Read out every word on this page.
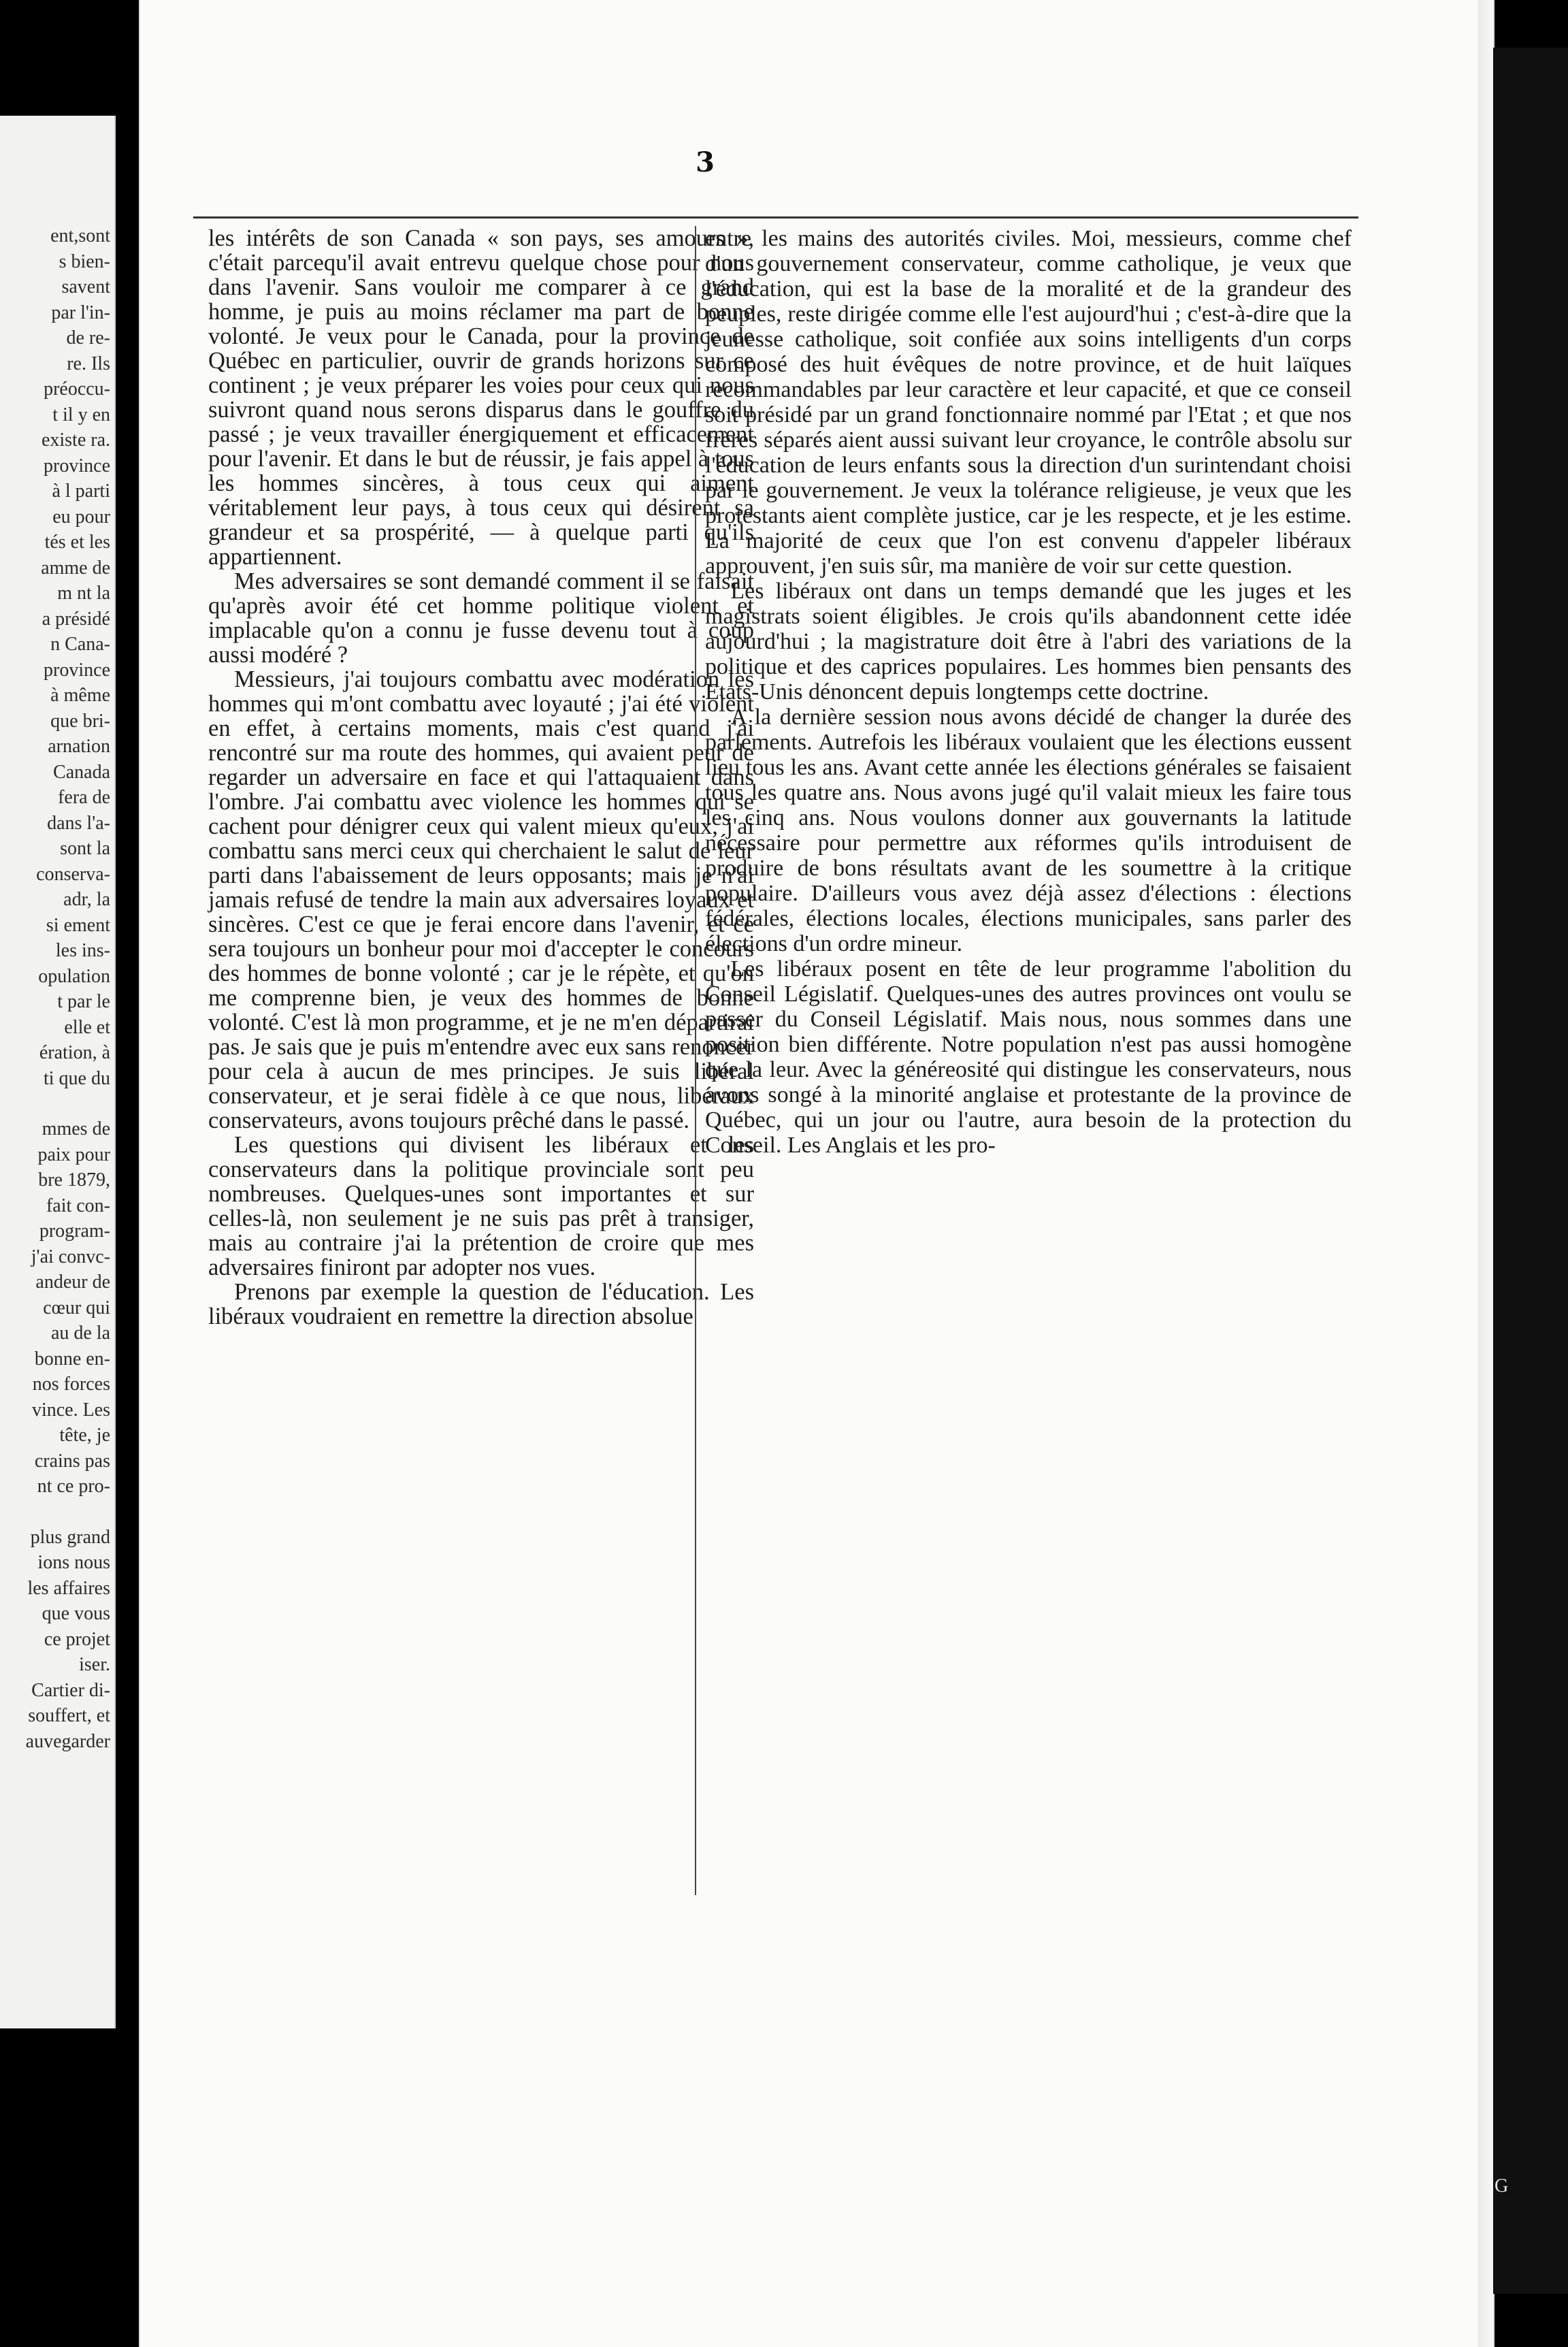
ent,sont
s bien-
savent
par l'in-
de re-
re. Ils
préoccu-
t il y en
existe ra.
province
à l parti
eu pour
tés et les
amme de
m nt la
a présidé
n Cana-
province
à même
que bri-
arnation
Canada
fera de
dans l'a-
sont la
conserva-
adr, la
si ement
les ins-
opulation
t par le
elle et
ération, à
ti que du
mmes de
paix pour
bre 1879,
fait con-
program-
j'ai convc-
andeur de
cœur qui
au de la
bonne en-
nos forces
vince. Les
tête, je
crains pas
nt ce pro-
plus grand
ions nous
les affaires
que vous
ce projet
iser.
Cartier di-
souffert, et
auvegarder
3

les intérêts de son Canada « son pays, ses amours », c'était parcequ'il avait entrevu quelque chose pour nous dans l'avenir. Sans vouloir me comparer à ce grand homme, je puis au moins réclamer ma part de bonne volonté. Je veux pour le Canada, pour la province de Québec en particulier, ouvrir de grands horizons sur ce continent ; je veux préparer les voies pour ceux qui nous suivront quand nous serons disparus dans le gouffre du passé ; je veux travailler énergiquement et efficacement pour l'avenir. Et dans le but de réussir, je fais appel à tous les hommes sincères, à tous ceux qui aiment véritablement leur pays, à tous ceux qui désirent sa grandeur et sa prospérité, — à quelque parti qu'ils appartiennent.

Mes adversaires se sont demandé comment il se faisait qu'après avoir été cet homme politique violent et implacable qu'on a connu je fusse devenu tout à coup aussi modéré ?

Messieurs, j'ai toujours combattu avec modération les hommes qui m'ont combattu avec loyauté ; j'ai été violent en effet, à certains moments, mais c'est quand j'ai rencontré sur ma route des hommes, qui avaient peur de regarder un adversaire en face et qui l'attaquaient dans l'ombre. J'ai combattu avec violence les hommes qui se cachent pour dénigrer ceux qui valent mieux qu'eux, j'ai combattu sans merci ceux qui cherchaient le salut de leur parti dans l'abaissement de leurs opposants; mais je n'ai jamais refusé de tendre la main aux adversaires loyaux et sincères. C'est ce que je ferai encore dans l'avenir, et ce sera toujours un bonheur pour moi d'accepter le concours des hommes de bonne volonté ; car je le répète, et qu'on me comprenne bien, je veux des hommes de bonne volonté. C'est là mon programme, et je ne m'en départirai pas. Je sais que je puis m'entendre avec eux sans renoncer pour cela à aucun de mes principes. Je suis libéral conservateur, et je serai fidèle à ce que nous, libéraux conservateurs, avons toujours prêché dans le passé.

Les questions qui divisent les libéraux et les conservateurs dans la politique provinciale sont peu nombreuses. Quelques-unes sont importantes et sur celles-là, non seulement je ne suis pas prêt à transiger, mais au contraire j'ai la prétention de croire que mes adversaires finiront par adopter nos vues.

Prenons par exemple la question de l'éducation. Les libéraux voudraient en remettre la direction absolue

entre les mains des autorités civiles. Moi, messieurs, comme chef d'un gouvernement conservateur, comme catholique, je veux que l'éducation, qui est la base de la moralité et de la grandeur des peuples, reste dirigée comme elle l'est aujourd'hui ; c'est-à-dire que la jeunesse catholique, soit confiée aux soins intelligents d'un corps composé des huit évêques de notre province, et de huit laïques recommandables par leur caractère et leur capacité, et que ce conseil soit présidé par un grand fonctionnaire nommé par l'Etat ; et que nos frères séparés aient aussi suivant leur croyance, le contrôle absolu sur l'éducation de leurs enfants sous la direction d'un surintendant choisi par le gouvernement. Je veux la tolérance religieuse, je veux que les protestants aient complète justice, car je les respecte, et je les estime. La majorité de ceux que l'on est convenu d'appeler libéraux approuvent, j'en suis sûr, ma manière de voir sur cette question.

Les libéraux ont dans un temps demandé que les juges et les magistrats soient éligibles. Je crois qu'ils abandonnent cette idée aujourd'hui ; la magistrature doit être à l'abri des variations de la politique et des caprices populaires. Les hommes bien pensants des Etats-Unis dénoncent depuis longtemps cette doctrine.

A la dernière session nous avons décidé de changer la durée des parlements. Autrefois les libéraux voulaient que les élections eussent lieu tous les ans. Avant cette année les élections générales se faisaient tous les quatre ans. Nous avons jugé qu'il valait mieux les faire tous les cinq ans. Nous voulons donner aux gouvernants la latitude nécessaire pour permettre aux réformes qu'ils introduisent de produire de bons résultats avant de les soumettre à la critique populaire. D'ailleurs vous avez déjà assez d'élections : élections fédérales, élections locales, élections municipales, sans parler des élections d'un ordre mineur.

Les libéraux posent en tête de leur programme l'abolition du Conseil Législatif. Quelques-unes des autres provinces ont voulu se passer du Conseil Législatif. Mais nous, nous sommes dans une position bien différente. Notre population n'est pas aussi homogène que la leur. Avec la généreosité qui distingue les conservateurs, nous avons songé à la minorité anglaise et protestante de la province de Québec, qui un jour ou l'autre, aura besoin de la protection du Conseil. Les Anglais et les pro-

G
